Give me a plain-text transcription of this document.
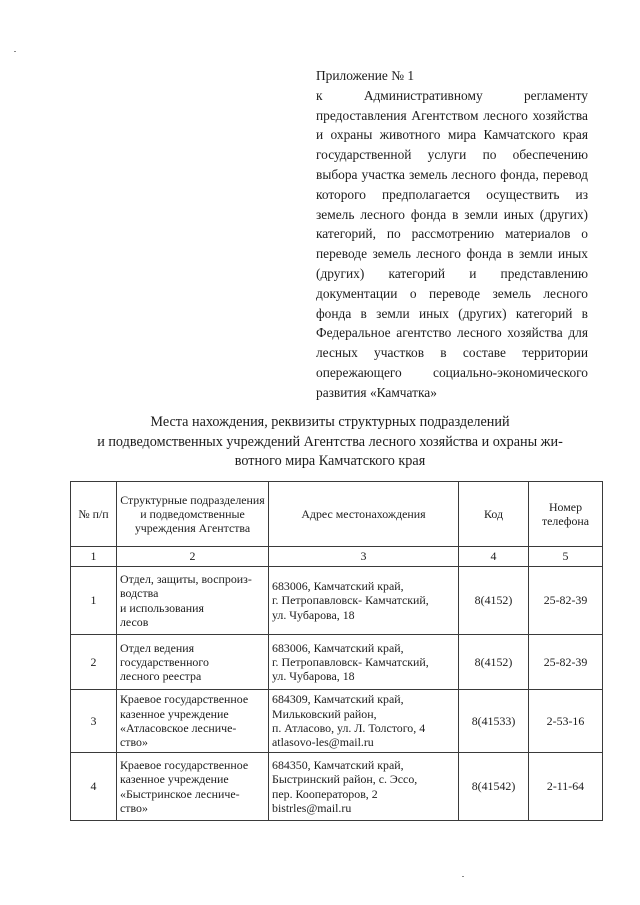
Приложение № 1
к Административному регламенту предоставления Агентством лесного хозяйства и охраны животного мира Камчатского края государственной услуги по обеспечению выбора участка земель лесного фонда, перевод которого предполагается осуществить из земель лесного фонда в земли иных (других) категорий, по рассмотрению материалов о переводе земель лесного фонда в земли иных (других) категорий и представлению документации о переводе земель лесного фонда в земли иных (других) категорий в Федеральное агентство лесного хозяйства для лесных участков в составе территории опережающего социально-экономического развития «Камчатка»
Места нахождения, реквизиты структурных подразделений
и подведомственных учреждений Агентства лесного хозяйства и охраны жи-
вотного мира Камчатского края
№ п/п	Структурные подразделения и подведомственные учреждения Агентства	Адрес местонахождения	Код	Номер телефона
1	2	3	4	5
1	Отдел, защиты, воспроиз-
водства
и использования
лесов	683006, Камчатский край,
г. Петропавловск- Камчатский,
ул. Чубарова, 18	8(4152)	25-82-39
2	Отдел ведения
государственного
лесного реестра	683006, Камчатский край,
г. Петропавловск- Камчатский,
ул. Чубарова, 18	8(4152)	25-82-39
3	Краевое государственное
казенное учреждение
«Атласовское лесниче-
ство»	684309, Камчатский край,
Мильковский район,
п. Атласово, ул. Л. Толстого, 4
atlasovo-les@mail.ru	8(41533)	2-53-16
4	Краевое государственное
казенное учреждение
«Быстринское лесниче-
ство»	684350, Камчатский край,
Быстринский район, с. Эссо,
пер. Кооператоров, 2
bistrles@mail.ru	8(41542)	2-11-64
